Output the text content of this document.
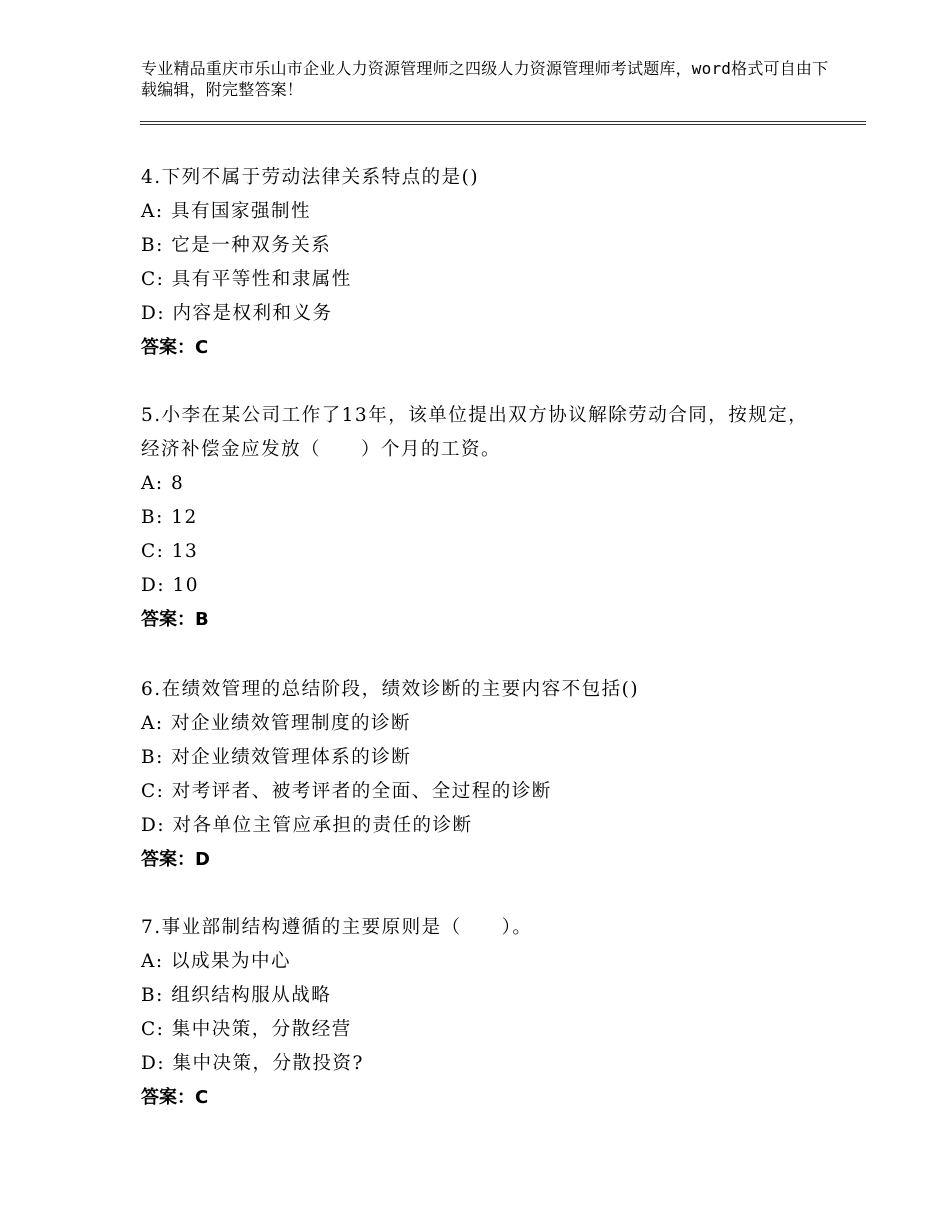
专业精品重庆市乐山市企业人力资源管理师之四级人力资源管理师考试题库，word格式可自由下载编辑，附完整答案！
4.下列不属于劳动法律关系特点的是()
A: 具有国家强制性
B: 它是一种双务关系
C: 具有平等性和隶属性
D: 内容是权利和义务
答案：C
5.小李在某公司工作了13年，该单位提出双方协议解除劳动合同，按规定，经济补偿金应发放（　　）个月的工资。
A: 8
B: 12
C: 13
D: 10
答案：B
6.在绩效管理的总结阶段，绩效诊断的主要内容不包括()
A: 对企业绩效管理制度的诊断
B: 对企业绩效管理体系的诊断
C: 对考评者、被考评者的全面、全过程的诊断
D: 对各单位主管应承担的责任的诊断
答案：D
7.事业部制结构遵循的主要原则是（　　）。
A: 以成果为中心
B: 组织结构服从战略
C: 集中决策，分散经营
D: 集中决策，分散投资?
答案：C
